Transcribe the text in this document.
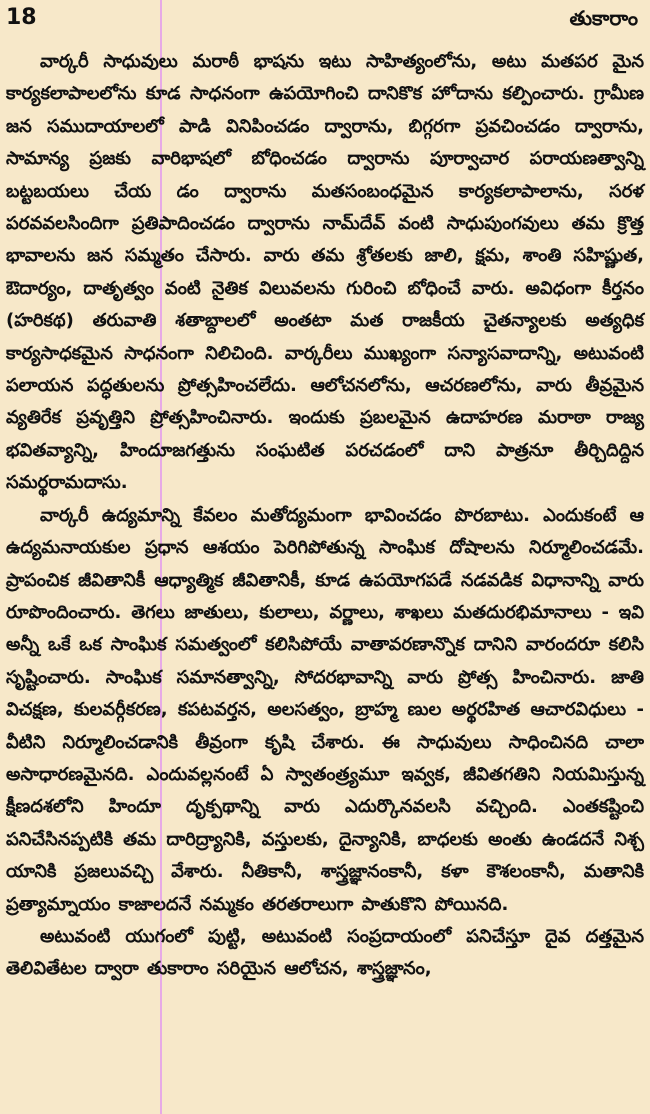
18	తుకారాం

వార్కరీ సాధువులు మరాఠీ భాషను ఇటు సాహిత్యంలోను, అటు మతపర మైన కార్యకలాపాలలోను కూడ సాధనంగా ఉపయోగించి దానికొక హోదాను కల్పించారు. గ్రామీణ జన సముదాయాలలో పాడి వినిపించడం ద్వారాను, బిగ్గరగా ప్రవచించడం ద్వారాను, సామాన్య ప్రజకు వారిభాషలో బోధించడం ద్వారాను పూర్వాచార పరాయణత్వాన్ని బట్టబయలు చేయ డం ద్వారాను మతసంబంధమైన కార్యకలాపాలాను, సరళ పరవవలసిందిగా ప్రతిపాదించడం ద్వారాను నామ్‌దేవ్ వంటి సాధుపుంగవులు తమ క్రొత్త భావాలను జన సమ్మతం చేసారు. వారు తమ శ్రోతలకు జాలి, క్షమ, శాంతి సహిష్ణుత, ఔదార్యం, దాతృత్వం వంటి నైతిక విలువలను గురించి బోధించే వారు. అవిధంగా కీర్తనం (హరికథ) తరువాతి శతాబ్దాలలో అంతటా మత రాజకీయ చైతన్యాలకు అత్యధిక కార్యసాధకమైన సాధనంగా నిలిచింది. వార్కరీలు ముఖ్యంగా సన్యాసవాదాన్ని, అటువంటి పలాయన పద్ధతులను ప్రోత్సహించలేదు. ఆలోచనలోను, ఆచరణలోను, వారు తీవ్రమైన వ్యతిరేక ప్రవృత్తిని ప్రోత్సహించినారు. ఇందుకు ప్రబలమైన ఉదాహరణ మరాఠా రాజ్య భవితవ్యాన్ని, హిందూజగత్తును సంఘటిత పరచడంలో దాని పాత్రనూ తీర్చిదిద్దిన సమర్థరామదాసు.

వార్కరీ ఉద్యమాన్ని కేవలం మతోద్యమంగా భావించడం పొరబాటు. ఎందుకంటే ఆ ఉద్యమనాయకుల ప్రధాన ఆశయం పెరిగిపోతున్న సాంఘిక దోషాలను నిర్మూలించడమే. ప్రాపంచిక జీవితానికీ ఆధ్యాత్మిక జీవితానికీ, కూడ ఉపయోగపడే నడవడిక విధానాన్ని వారు రూపొందించారు. తెగలు జాతులు, కులాలు, వర్ణాలు, శాఖలు మతదురభిమానాలు - ఇవి అన్నీ ఒకే ఒక సాంఘిక సమత్వంలో కలిసిపోయే వాతావరణాన్నొక దానిని వారందరూ కలిసి సృష్టించారు. సాంఘిక సమానత్వాన్ని, సోదరభావాన్ని వారు ప్రోత్స హించినారు. జాతి విచక్షణ, కులవర్గీకరణ, కపటవర్తన, అలసత్వం, బ్రాహ్మ ణుల అర్థరహిత ఆచారవిధులు - వీటిని నిర్మూలించడానికి తీవ్రంగా కృషి చేశారు. ఈ సాధువులు సాధించినది చాలా అసాధారణమైనది. ఎందువల్లనంటే ఏ స్వాతంత్ర్యమూ ఇవ్వక, జీవితగతిని నియమిస్తున్న క్షీణదశలోని హిందూ దృక్పథాన్ని వారు ఎదుర్కొనవలసి వచ్చింది. ఎంతకష్టించి పనిచేసినప్పటికి తమ దారిద్ర్యానికి, వస్తులకు, దైన్యానికి, బాధలకు అంతు ఉండదనే నిశ్చ యానికి ప్రజలువచ్చి వేశారు. నీతికానీ, శాస్త్రజ్ఞానంకానీ, కళా కౌశలంకానీ, మతానికి ప్రత్యామ్నాయం కాజాలదనే నమ్మకం తరతరాలుగా పాతుకొని పోయినది.

అటువంటి యుగంలో పుట్టి, అటువంటి సంప్రదాయంలో పనిచేస్తూ దైవ దత్తమైన తెలివితేటల ద్వారా తుకారాం సరియైన ఆలోచన, శాస్త్రజ్ఞానం,
